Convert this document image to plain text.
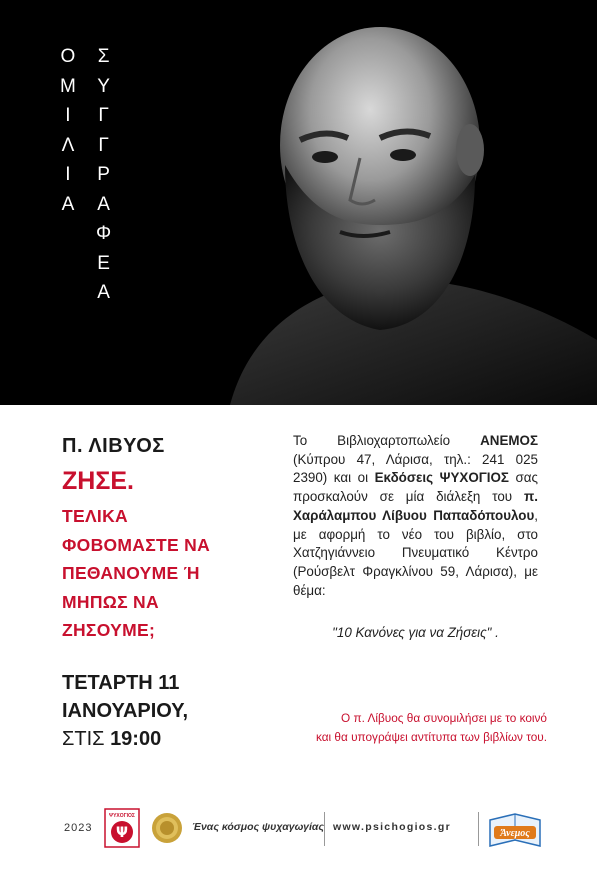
Ο
Μ
Ι
Λ
Ι
Α
Σ
Υ
Γ
Γ
Ρ
Α
Φ
Ε
Α
Π. ΛΙΒΥΟΣ
ΖΗΣΕ.
ΤΕΛΙΚΑ
ΦΟΒΟΜΑΣΤΕ ΝΑ
ΠΕΘΑΝΟΥΜΕ Ή
ΜΗΠΩΣ ΝΑ
ΖΗΣΟΥΜΕ;
ΤΕΤΑΡΤΗ 11
ΙΑΝΟΥΑΡΙΟΥ,
ΣΤΙΣ 19:00
Το Βιβλιοχαρτοπωλείο ΑΝΕΜΟΣ (Κύπρου 47, Λάρισα, τηλ.: 241 025 2390) και οι Εκδόσεις ΨΥΧΟΓΙΟΣ σας προσκαλούν σε μία διάλεξη του π. Χαράλαμπου Λίβυου Παπαδόπουλου, με αφορμή το νέο του βιβλίο, στο Χατζηγιάννειο Πνευματικό Κέντρο (Ρούσβελτ Φραγκλίνου 59, Λάρισα), με θέμα:
"10 Κανόνες για να Ζήσεις" .
Ο π. Λίβυος θα συνομιλήσει με το κοινό
και θα υπογράψει αντίτυπα των βιβλίων του.
2023
ΨΥΧΟΓΙΟΣ
Ψ	Ένας κόσμος ψυχαγωγίας www.psichogios.gr
Άνεμος
